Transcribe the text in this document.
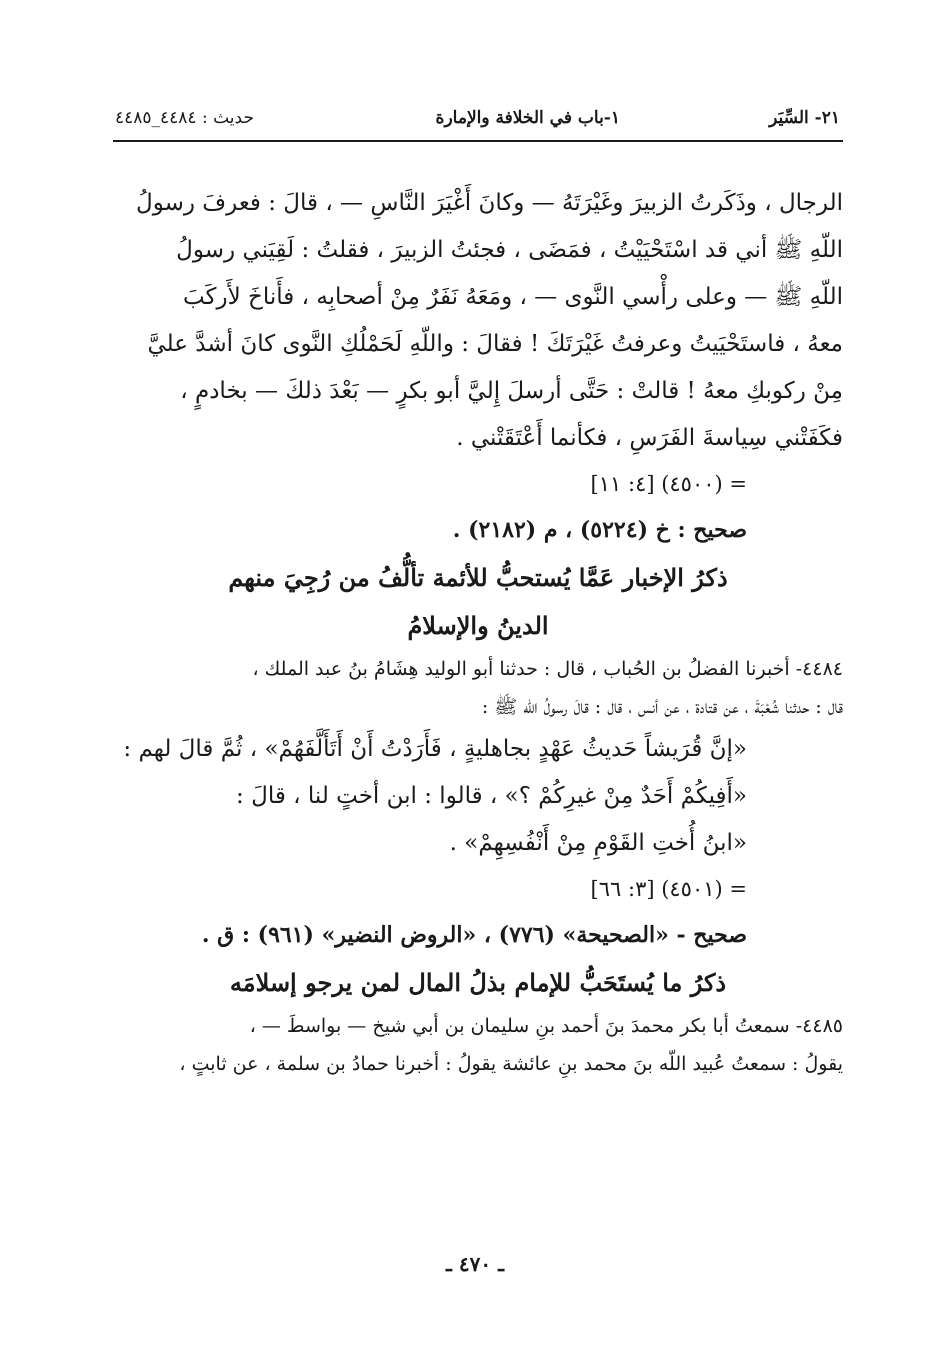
٢١- السِّيَر
١-باب في الخلافة والإمارة
حديث : ٤٤٨٤_٤٤٨٥
الرجال ، وذَكَرتُ الزبيرَ وغَيْرَتَهُ — وكانَ أَغْيَرَ النَّاسِ — ، قالَ : فعرفَ رسولُ
اللّهِ ﷺ أني قد اسْتَحْيَيْتُ ، فمَضَى ، فجئتُ الزبيرَ ، فقلتُ : لَقِيَني رسولُ
اللّهِ ﷺ — وعلى رأْسي النَّوى — ، ومَعَهُ نَفَرٌ مِنْ أصحابِه ، فأَناخَ لأَركَبَ
معهُ ، فاستَحْيَيتُ وعرفتُ غَيْرَتَكَ ! فقالَ : واللّهِ لَحَمْلُكِ النَّوى كانَ أشدَّ عليَّ
مِنْ ركوبكِ معهُ ! قالتْ : حَتَّى أرسلَ إِليَّ أبو بكرٍ — بَعْدَ ذلكَ — بخادمٍ ،
فكَفَتْني سِياسةَ الفَرَسِ ، فكأنما أَعْتَقَتْني .
= (٤٥٠٠) [٤: ١١]
صحيح : خ (٥٢٢٤) ، م (٢١٨٢) .
ذكرُ الإخبار عَمَّا يُستحبُّ للأئمة تألُّفُ من رُجِيَ منهم
الدينُ والإسلامُ
٤٤٨٤- أخبرنا الفضلُ بن الحُباب ، قال : حدثنا أبو الوليد هِشَامُ بنُ عبد الملك ،
قال : حدثنا شُعْبَةَ ، عن قتادة ، عن أنس ، قال : قالَ رسولُ اللّه ﷺ :
«إنَّ قُرَيشاً حَديثُ عَهْدٍ بجاهليةٍ ، فَأَرَدْتُ أَنْ أَتَأَلَّفَهُمْ» ، ثُمَّ قالَ لهم :
«أَفِيكُمْ أَحَدٌ مِنْ غيرِكُمْ ؟» ، قالوا : ابن أختٍ لنا ، قالَ :
«ابنُ أُختِ القَوْمِ مِنْ أَنْفُسِهِمْ» .
= (٤٥٠١) [٣: ٦٦]
صحيح - «الصحيحة» (٧٧٦) ، «الروض النضير» (٩٦١) : ق .
ذكرُ ما يُستَحَبُّ للإمام بذلُ المال لمن يرجو إسلامَه
٤٤٨٥- سمعتُ أبا بكر محمدَ بنَ أحمد بنِ سليمان بن أبي شيخ — بواسطَ — ،
يقولُ : سمعتُ عُبيد اللّه بنَ محمد بنِ عائشة يقولُ : أخبرنا حمادُ بن سلمة ، عن ثابتٍ ،
ـ ٤٧٠ ـ
